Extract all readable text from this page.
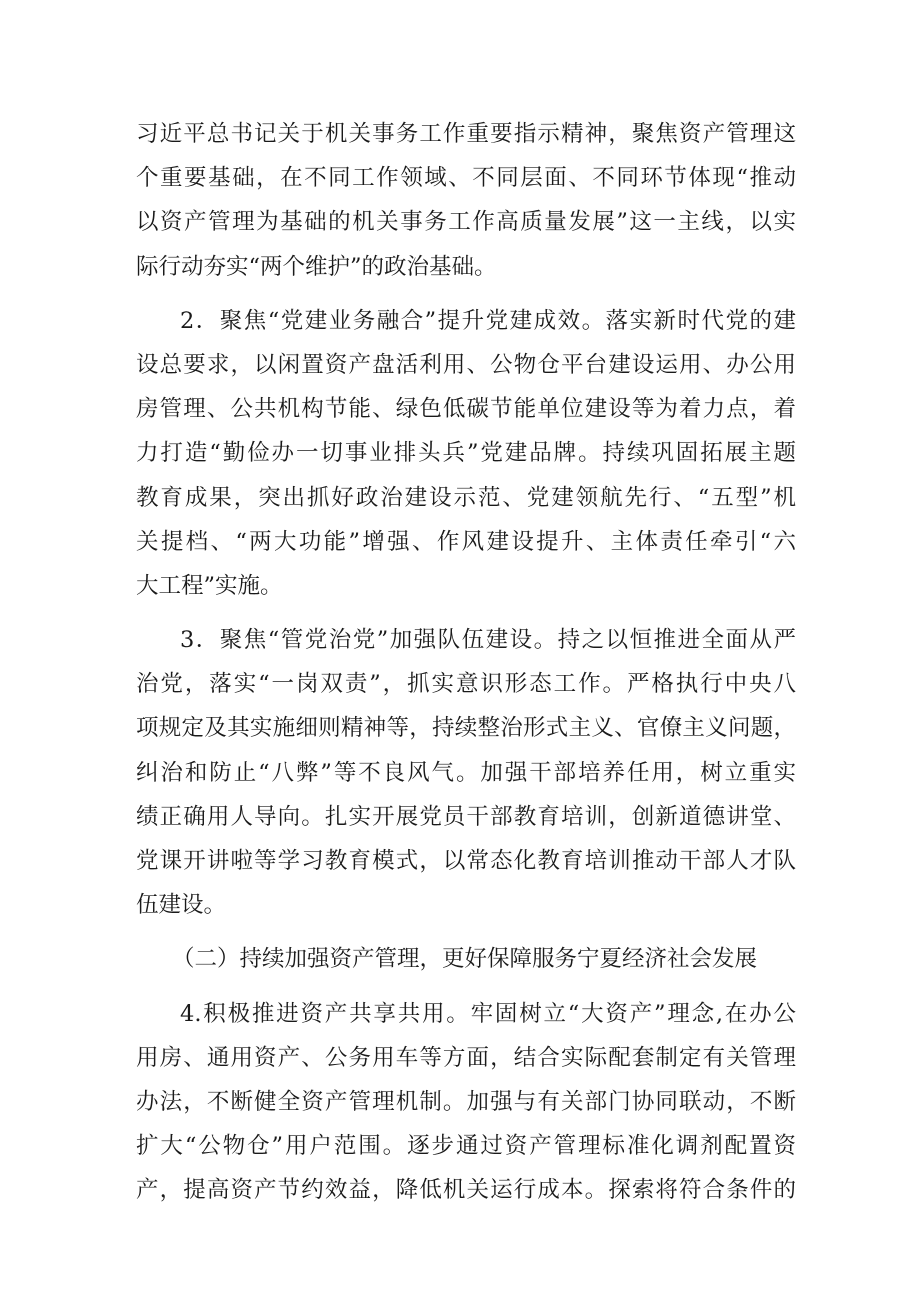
习近平总书记关于机关事务工作重要指示精神，聚焦资产管理这
个重要基础，在不同工作领域、不同层面、不同环节体现“推动
以资产管理为基础的机关事务工作高质量发展”这一主线，以实
际行动夯实“两个维护”的政治基础。
2．聚焦“党建业务融合”提升党建成效。落实新时代党的建
设总要求，以闲置资产盘活利用、公物仓平台建设运用、办公用
房管理、公共机构节能、绿色低碳节能单位建设等为着力点，着
力打造“勤俭办一切事业排头兵”党建品牌。持续巩固拓展主题
教育成果，突出抓好政治建设示范、党建领航先行、“五型”机
关提档、“两大功能”增强、作风建设提升、主体责任牵引“六
大工程”实施。
3．聚焦“管党治党”加强队伍建设。持之以恒推进全面从严
治党，落实“一岗双责”，抓实意识形态工作。严格执行中央八
项规定及其实施细则精神等，持续整治形式主义、官僚主义问题，
纠治和防止“八弊”等不良风气。加强干部培养任用，树立重实
绩正确用人导向。扎实开展党员干部教育培训，创新道德讲堂、
党课开讲啦等学习教育模式，以常态化教育培训推动干部人才队
伍建设。
（二）持续加强资产管理，更好保障服务宁夏经济社会发展
4.积极推进资产共享共用。牢固树立“大资产”理念,在办公
用房、通用资产、公务用车等方面，结合实际配套制定有关管理
办法，不断健全资产管理机制。加强与有关部门协同联动，不断
扩大“公物仓”用户范围。逐步通过资产管理标准化调剂配置资
产，提高资产节约效益，降低机关运行成本。探索将符合条件的
